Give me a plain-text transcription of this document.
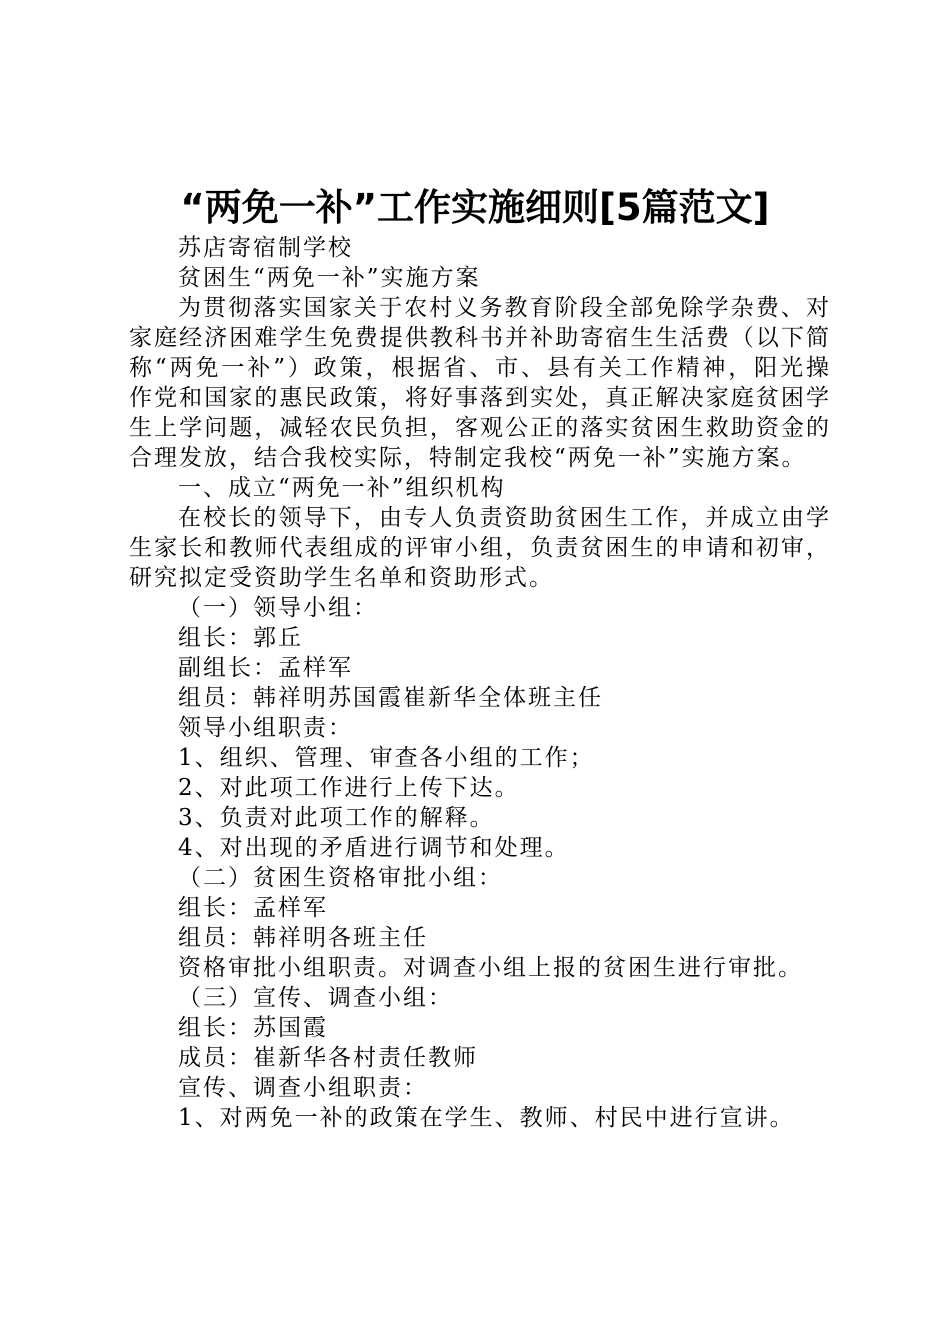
“两免一补”工作实施细则[5篇范文]

苏店寄宿制学校

贫困生“两免一补”实施方案

为贯彻落实国家关于农村义务教育阶段全部免除学杂费、对家庭经济困难学生免费提供教科书并补助寄宿生生活费（以下简称“两免一补”）政策，根据省、市、县有关工作精神，阳光操作党和国家的惠民政策，将好事落到实处，真正解决家庭贫困学生上学问题，减轻农民负担，客观公正的落实贫困生救助资金的合理发放，结合我校实际，特制定我校“两免一补”实施方案。

一、成立“两免一补”组织机构

在校长的领导下，由专人负责资助贫困生工作，并成立由学生家长和教师代表组成的评审小组，负责贫困生的申请和初审，研究拟定受资助学生名单和资助形式。

（一）领导小组：

组长：郭丘

副组长：孟样军

组员：韩祥明苏国霞崔新华全体班主任

领导小组职责：

1、组织、管理、审查各小组的工作；

2、对此项工作进行上传下达。

3、负责对此项工作的解释。

4、对出现的矛盾进行调节和处理。

（二）贫困生资格审批小组：

组长：孟样军

组员：韩祥明各班主任

资格审批小组职责。对调查小组上报的贫困生进行审批。

（三）宣传、调查小组：

组长：苏国霞

成员：崔新华各村责任教师

宣传、调查小组职责：

1、对两免一补的政策在学生、教师、村民中进行宣讲。
